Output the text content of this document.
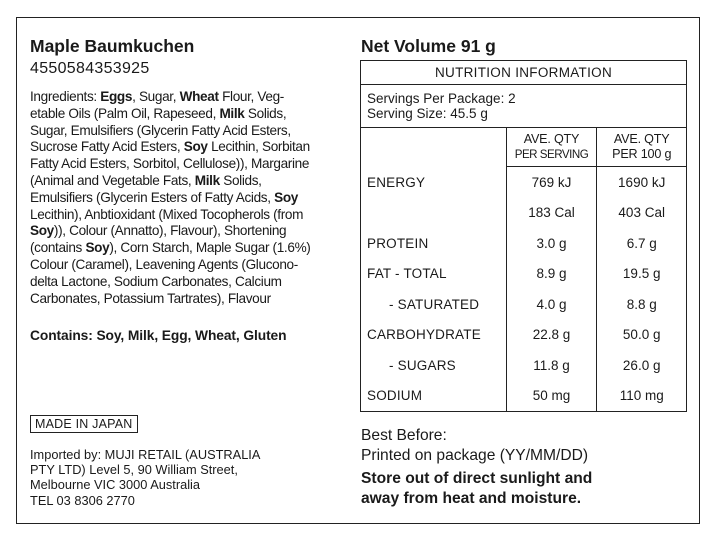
Maple Baumkuchen
4550584353925
Ingredients: Eggs, Sugar, Wheat Flour, Veg-
etable Oils (Palm Oil, Rapeseed, Milk Solids,
Sugar, Emulsifiers (Glycerin Fatty Acid Esters,
Sucrose Fatty Acid Esters, Soy Lecithin, Sorbitan
Fatty Acid Esters, Sorbitol, Cellulose)), Margarine
(Animal and Vegetable Fats, Milk Solids,
Emulsifiers (Glycerin Esters of Fatty Acids, Soy
Lecithin), Anbtioxidant (Mixed Tocopherols (from
Soy)), Colour (Annatto), Flavour), Shortening
(contains Soy), Corn Starch, Maple Sugar (1.6%)
Colour (Caramel), Leavening Agents (Glucono-
delta Lactone, Sodium Carbonates, Calcium
Carbonates, Potassium Tartrates), Flavour
Contains: Soy, Milk, Egg, Wheat, Gluten
MADE IN JAPAN
Imported by: MUJI RETAIL (AUSTRALIA
PTY LTD) Level 5, 90 William Street,
Melbourne VIC 3000 Australia
TEL 03 8306 2770
Net Volume 91 g
NUTRITION INFORMATION		

Servings Per Package: 2
Serving Size: 45.5 g		

	AVE. QTY
PER SERVING	AVE. QTY
PER 100 g

ENERGY	769 kJ	1690 kJ
	183 Cal	403 Cal
PROTEIN	3.0 g	6.7 g
FAT - TOTAL	8.9 g	19.5 g
- SATURATED	4.0 g	8.8 g
CARBOHYDRATE	22.8 g	50.0 g
- SUGARS	11.8 g	26.0 g
SODIUM	50 mg	110 mg
Best Before:
Printed on package (YY/MM/DD)
Store out of direct sunlight and
away from heat and moisture.
